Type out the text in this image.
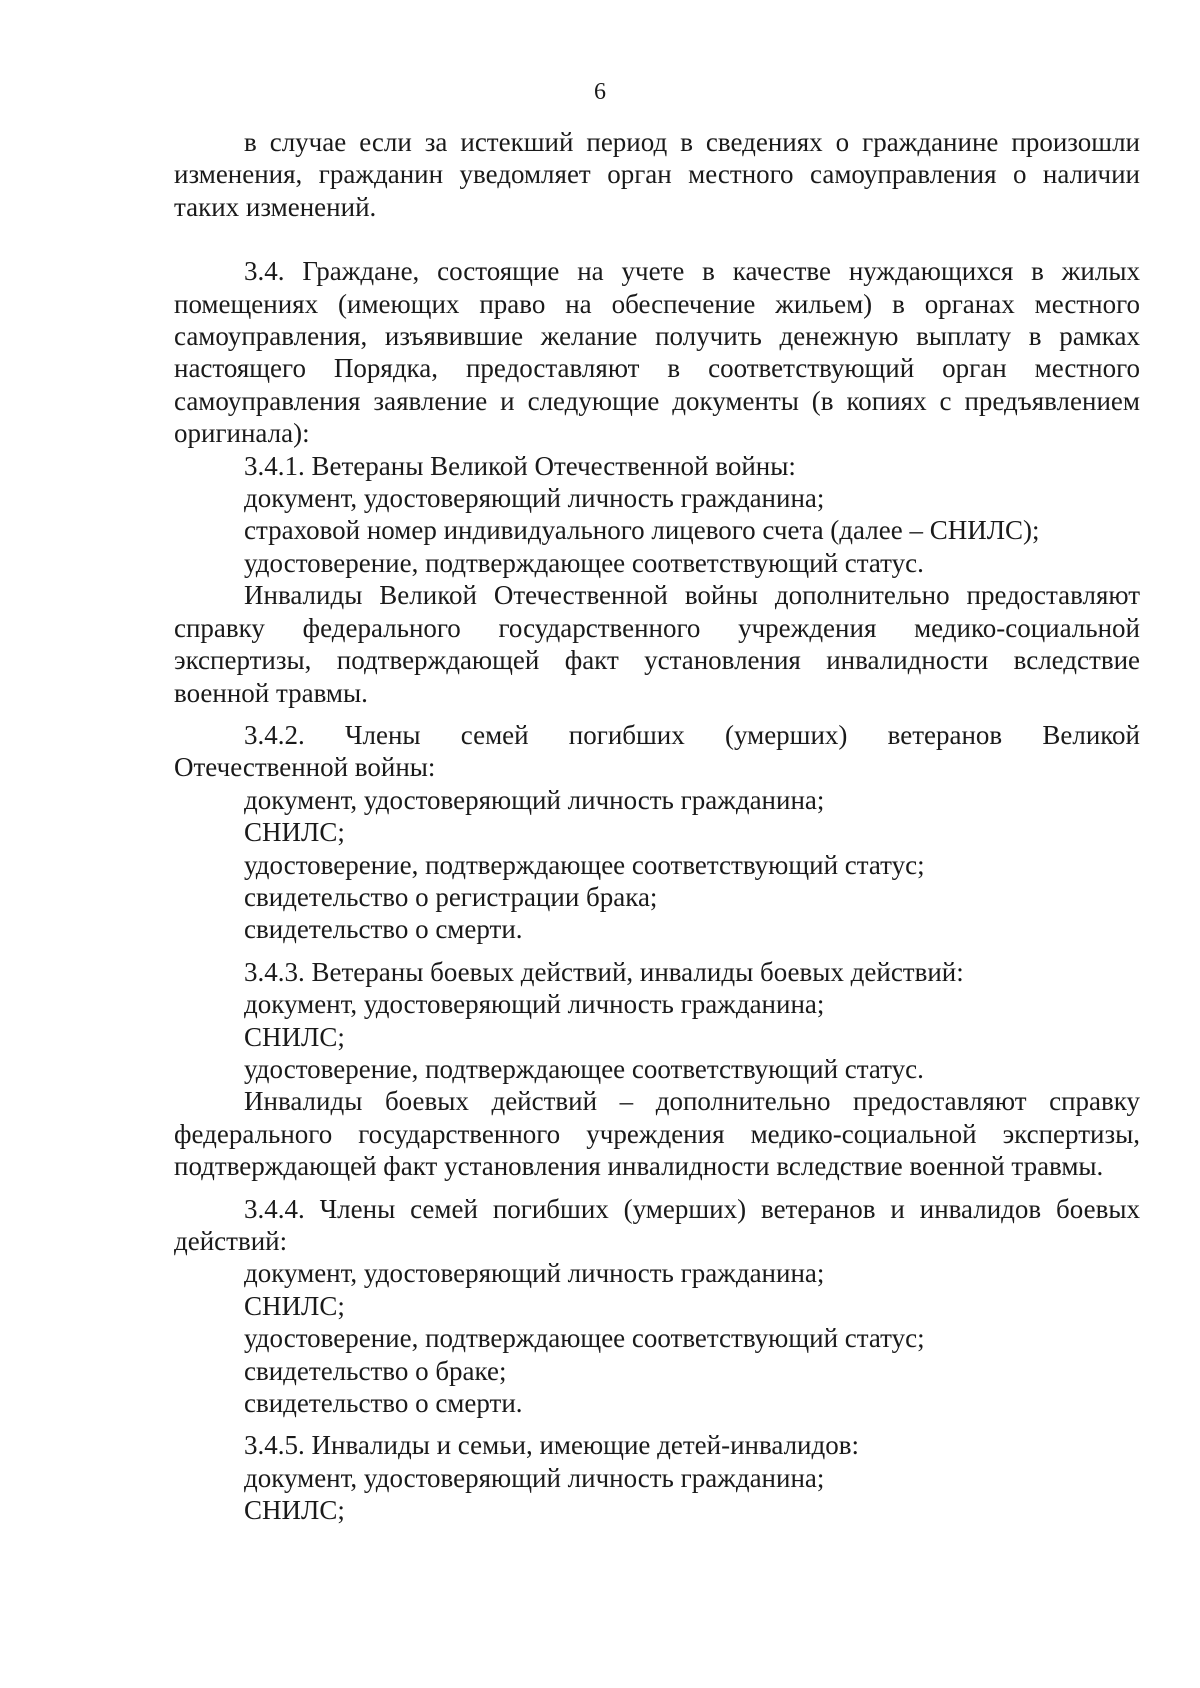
6

в случае если за истекший период в сведениях о гражданине произошли изменения, гражданин уведомляет орган местного самоуправления о наличии таких изменений.

3.4. Граждане, состоящие на учете в качестве нуждающихся в жилых помещениях (имеющих право на обеспечение жильем) в органах местного самоуправления, изъявившие желание получить денежную выплату в рамках настоящего Порядка, предоставляют в соответствующий орган местного самоуправления заявление и следующие документы (в копиях с предъявлением оригинала):

3.4.1. Ветераны Великой Отечественной войны:

документ, удостоверяющий личность гражданина;

страховой номер индивидуального лицевого счета (далее – СНИЛС);

удостоверение, подтверждающее соответствующий статус.

Инвалиды Великой Отечественной войны дополнительно предоставляют справку федерального государственного учреждения медико-социальной экспертизы, подтверждающей факт установления инвалидности вследствие военной травмы.

3.4.2. Члены семей погибших (умерших) ветеранов Великой

Отечественной войны:

документ, удостоверяющий личность гражданина;

СНИЛС;

удостоверение, подтверждающее соответствующий статус;

свидетельство о регистрации брака;

свидетельство о смерти.

3.4.3. Ветераны боевых действий, инвалиды боевых действий:

документ, удостоверяющий личность гражданина;

СНИЛС;

удостоверение, подтверждающее соответствующий статус.

Инвалиды боевых действий – дополнительно предоставляют справку федерального государственного учреждения медико-социальной экспертизы, подтверждающей факт установления инвалидности вследствие военной травмы.

3.4.4. Члены семей погибших (умерших) ветеранов и инвалидов боевых действий:

документ, удостоверяющий личность гражданина;

СНИЛС;

удостоверение, подтверждающее соответствующий статус;

свидетельство о браке;

свидетельство о смерти.

3.4.5. Инвалиды и семьи, имеющие детей-инвалидов:

документ, удостоверяющий личность гражданина;

СНИЛС;
